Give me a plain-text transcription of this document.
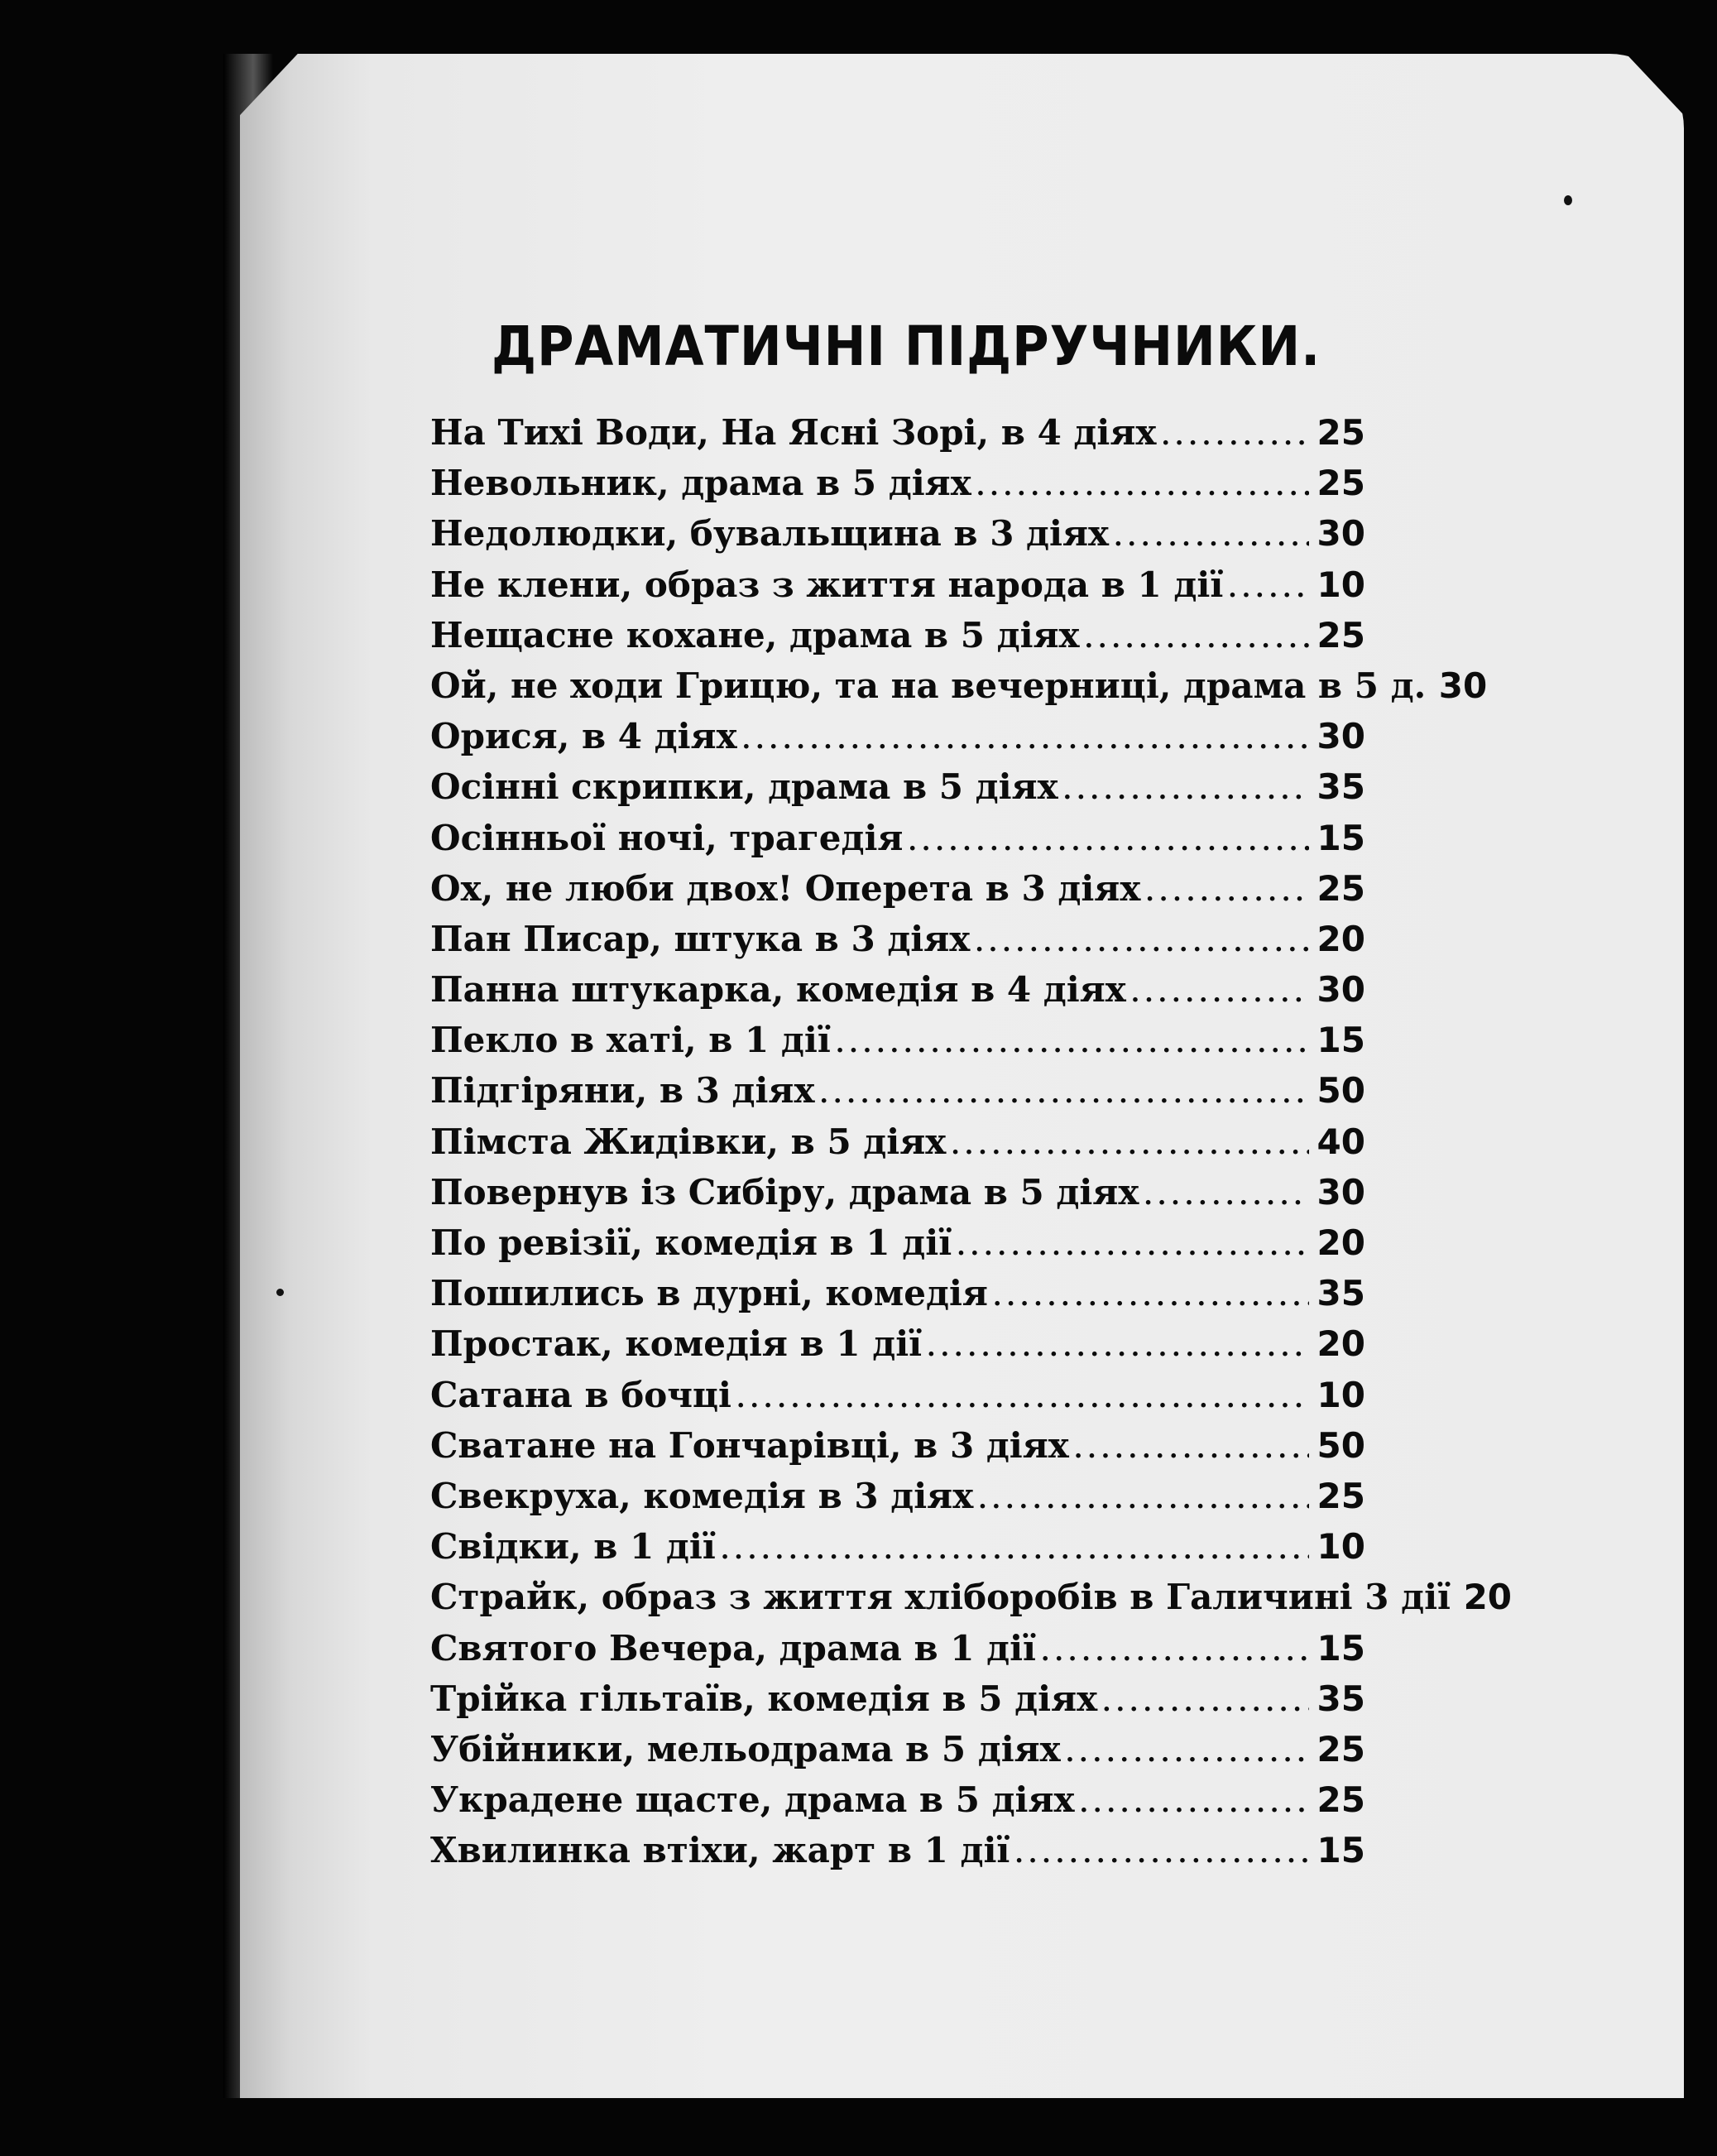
ДРАМАТИЧНІ ПІДРУЧНИКИ.
На Тихі Води, На Ясні Зорі, в 4 діях .....	25
Невольник, драма в 5 діях .....	25
Недолюдки, бувальщина в 3 діях .....	30
Не клени, образ з життя народа в 1 дії .....	10
Нещасне кохане, драма в 5 діях .....	25
Ой, не ходи Грицю, та на вечерниці, драма в 5 д. 30
Орися, в 4 діях .....	30
Осінні скрипки, драма в 5 діях .....	35
Осінньої ночі, трагедія .....	15
Ох, не люби двох! Оперета в 3 діях .....	25
Пан Писар, штука в 3 діях .....	20
Панна штукарка, комедія в 4 діях .....	30
Пекло в хаті, в 1 дії .....	15
Підгіряни, в 3 діях .....	50
Пімста Жидівки, в 5 діях .....	40
Повернув із Сибіру, драма в 5 діях .....	30
По ревізії, комедія в 1 дії .....	20
Пошились в дурні, комедія .....	35
Простак, комедія в 1 дії .....	20
Сатана в бочці .....	10
Сватане на Гончарівці, в 3 діях .....	50
Свекруха, комедія в 3 діях .....	25
Свідки, в 1 дії .....	10
Страйк, образ з життя хліборобів в Галичині 3 дії 20
Святого Вечера, драма в 1 дії .....	15
Трійка гільтаїв, комедія в 5 діях .....	35
Убійники, мельодрама в 5 діях .....	25
Украдене щасте, драма в 5 діях .....	25
Хвилинка втіхи, жарт в 1 дії .....	15
